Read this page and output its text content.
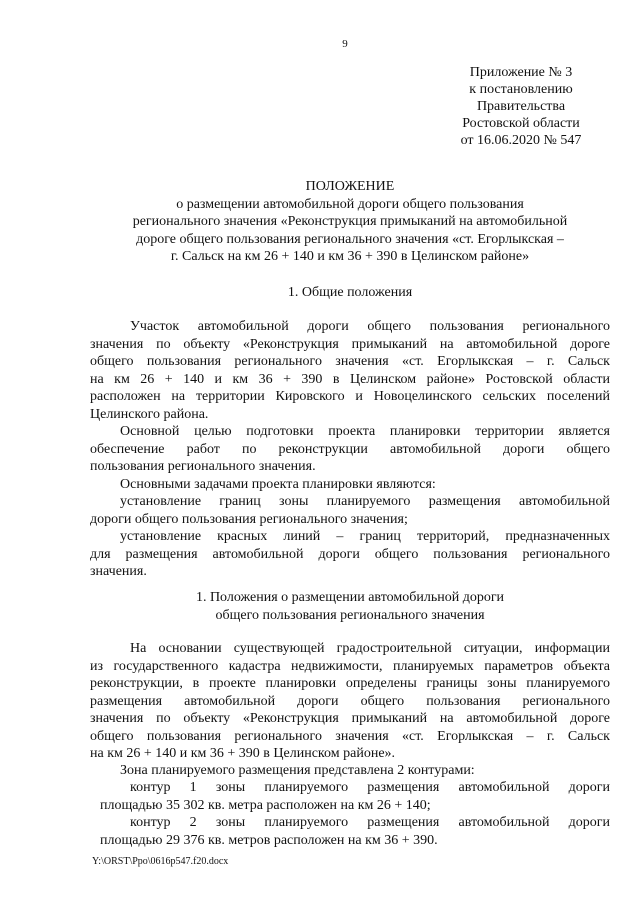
9
Приложение № 3
к постановлению
Правительства
Ростовской области
от 16.06.2020 № 547
ПОЛОЖЕНИЕ
о размещении автомобильной дороги общего пользования
регионального значения «Реконструкция примыканий на автомобильной
дороге общего пользования регионального значения «ст. Егорлыкская –
г. Сальск на км 26 + 140 и км 36 + 390 в Целинском районе»
1. Общие положения
Участок автомобильной дороги общего пользования регионального
значения по объекту «Реконструкция примыканий на автомобильной дороге
общего пользования регионального значения «ст. Егорлыкская – г. Сальск
на км 26 + 140 и км 36 + 390 в Целинском районе» Ростовской области
расположен на территории Кировского и Новоцелинского сельских поселений
Целинского района.
Основной целью подготовки проекта планировки территории является
обеспечение работ по реконструкции автомобильной дороги общего
пользования регионального значения.
Основными задачами проекта планировки являются:
установление границ зоны планируемого размещения автомобильной
дороги общего пользования регионального значения;
установление красных линий – границ территорий, предназначенных
для размещения автомобильной дороги общего пользования регионального
значения.
1. Положения о размещении автомобильной дороги
общего пользования регионального значения
На основании существующей градостроительной ситуации, информации
из государственного кадастра недвижимости, планируемых параметров объекта
реконструкции, в проекте планировки определены границы зоны планируемого
размещения автомобильной дороги общего пользования регионального
значения по объекту «Реконструкция примыканий на автомобильной дороге
общего пользования регионального значения «ст. Егорлыкская – г. Сальск
на км 26 + 140 и км 36 + 390 в Целинском районе».
Зона планируемого размещения представлена 2 контурами:
контур 1 зоны планируемого размещения автомобильной дороги
площадью 35 302 кв. метра расположен на км 26 + 140;
контур 2 зоны планируемого размещения автомобильной дороги
площадью 29 376 кв. метров расположен на км 36 + 390.
Y:\ORST\Ppo\0616p547.f20.docx
